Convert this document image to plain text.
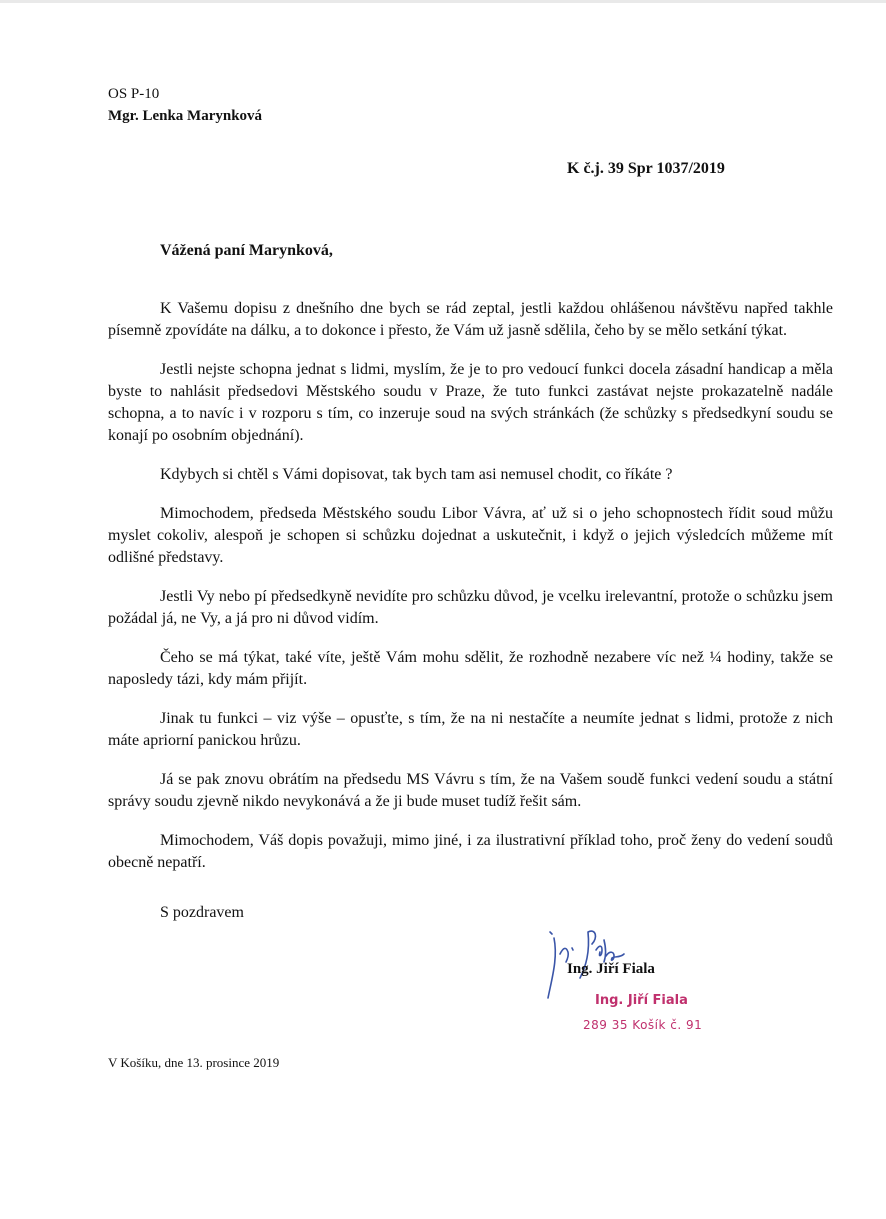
OS P-10
Mgr. Lenka Marynková
K č.j. 39 Spr 1037/2019
Vážená paní Marynková,

K Vašemu dopisu z dnešního dne bych se rád zeptal, jestli každou ohlášenou návštěvu napřed takhle písemně zpovídáte na dálku, a to dokonce i přesto, že Vám už jasně sdělila, čeho by se mělo setkání týkat.

Jestli nejste schopna jednat s lidmi, myslím, že je to pro vedoucí funkci docela zásadní handicap a měla byste to nahlásit předsedovi Městského soudu v Praze, že tuto funkci zastávat nejste prokazatelně nadále schopna, a to navíc i v rozporu s tím, co inzeruje soud na svých stránkách (že schůzky s předsedkyní soudu se konají po osobním objednání).

Kdybych si chtěl s Vámi dopisovat, tak bych tam asi nemusel chodit, co říkáte ?

Mimochodem, předseda Městského soudu Libor Vávra, ať už si o jeho schopnostech řídit soud můžu myslet cokoliv, alespoň je schopen si schůzku dojednat a uskutečnit, i když o jejich výsledcích můžeme mít odlišné představy.

Jestli Vy nebo pí předsedkyně nevidíte pro schůzku důvod, je vcelku irelevantní, protože o schůzku jsem požádal já, ne Vy, a já pro ni důvod vidím.

Čeho se má týkat, také víte, ještě Vám mohu sdělit, že rozhodně nezabere víc než ¼ hodiny, takže se naposledy tázi, kdy mám přijít.

Jinak tu funkci – viz výše – opusťte, s tím, že na ni nestačíte a neumíte jednat s lidmi, protože z nich máte apriorní panickou hrůzu.

Já se pak znovu obrátím na předsedu MS Vávru s tím, že na Vašem soudě funkci vedení soudu a státní správy soudu zjevně nikdo nevykonává a že ji bude muset tudíž řešit sám.

Mimochodem, Váš dopis považuji, mimo jiné, i za ilustrativní příklad toho, proč ženy do vedení soudů obecně nepatří.

S pozdravem
Ing. Jiří Fiala
Ing. Jiří Fiala
289 35 Košík č. 91
V Košíku, dne 13. prosince 2019
